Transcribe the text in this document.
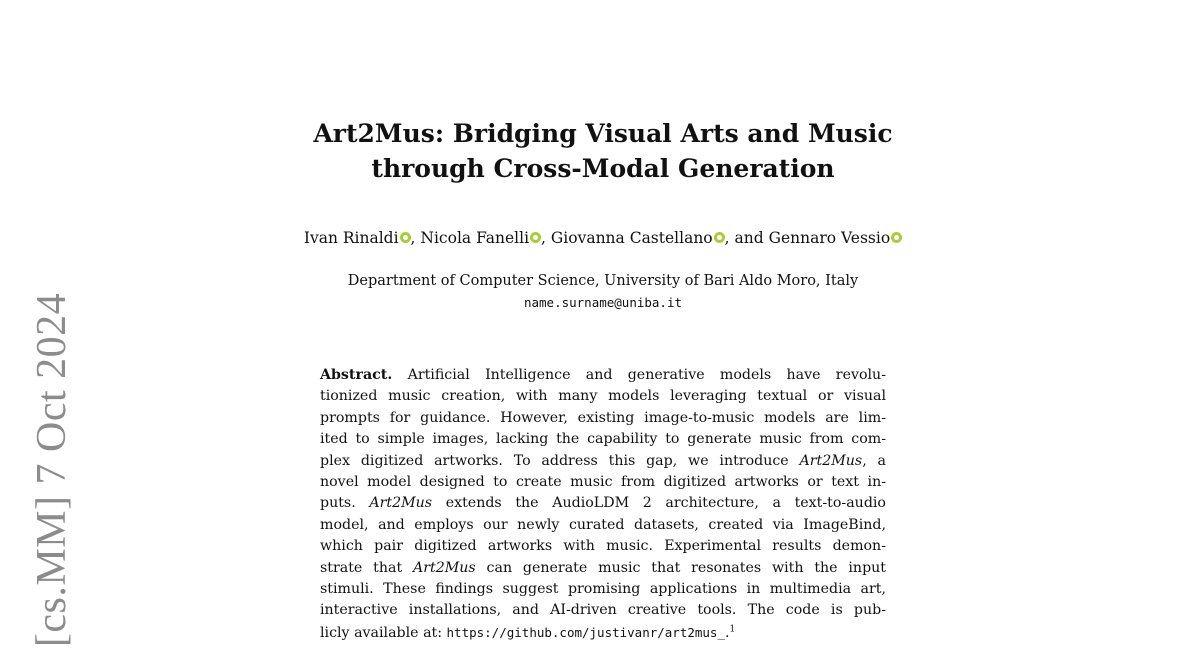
[cs.MM] 7 Oct 2024
Art2Mus: Bridging Visual Arts and Music
through Cross-Modal Generation
Ivan Rinaldi , Nicola Fanelli , Giovanna Castellano , and Gennaro Vessio
Department of Computer Science, University of Bari Aldo Moro, Italy
name.surname@uniba.it
Abstract. Artificial Intelligence and generative models have revolu-
tionized music creation, with many models leveraging textual or visual
prompts for guidance. However, existing image-to-music models are lim-
ited to simple images, lacking the capability to generate music from com-
plex digitized artworks. To address this gap, we introduce Art2Mus, a
novel model designed to create music from digitized artworks or text in-
puts. Art2Mus extends the AudioLDM 2 architecture, a text-to-audio
model, and employs our newly curated datasets, created via ImageBind,
which pair digitized artworks with music. Experimental results demon-
strate that Art2Mus can generate music that resonates with the input
stimuli. These findings suggest promising applications in multimedia art,
interactive installations, and AI-driven creative tools. The code is pub-
licly available at: https://github.com/justivanr/art2mus_.$^1$
